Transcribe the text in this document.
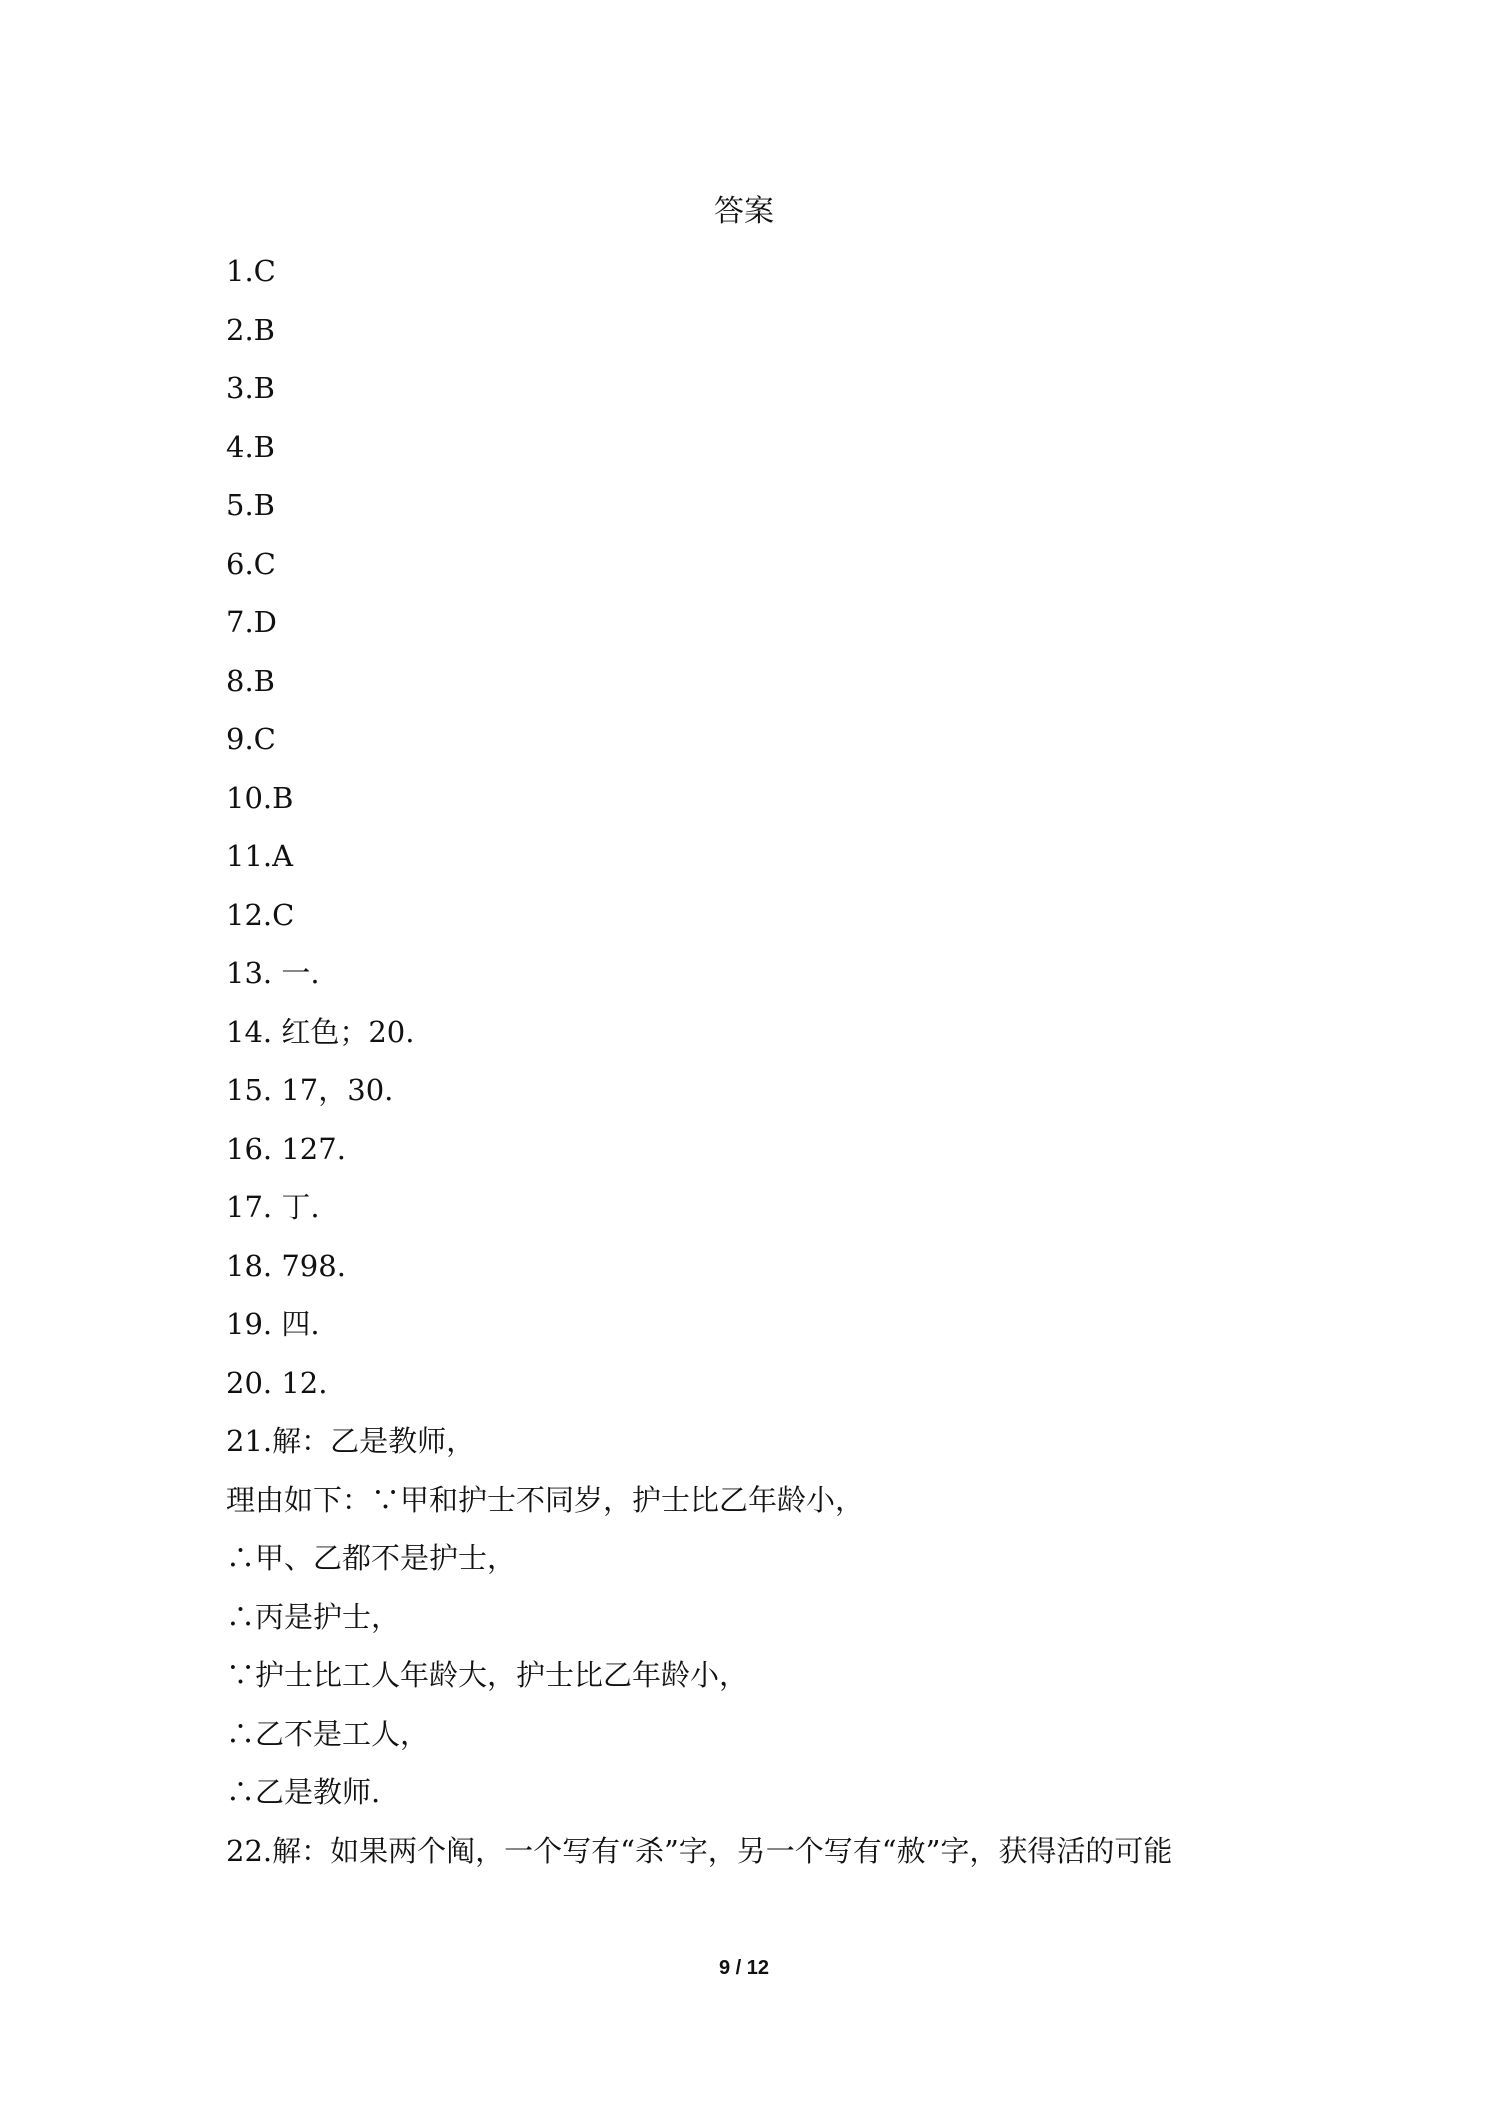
答案
1.C
2.B
3.B
4.B
5.B
6.C
7.D
8.B
9.C
10.B
11.A
12.C
13. 一.
14. 红色；20.
15. 17，30.
16. 127.
17. 丁.
18. 798.
19. 四.
20. 12.
21.解：乙是教师，
理由如下：∵甲和护士不同岁，护士比乙年龄小，
∴甲、乙都不是护士，
∴丙是护士，
∵护士比工人年龄大，护士比乙年龄小，
∴乙不是工人，
∴乙是教师.
22.解：如果两个阄，一个写有“杀”字，另一个写有“赦”字，获得活的可能
9 / 12
